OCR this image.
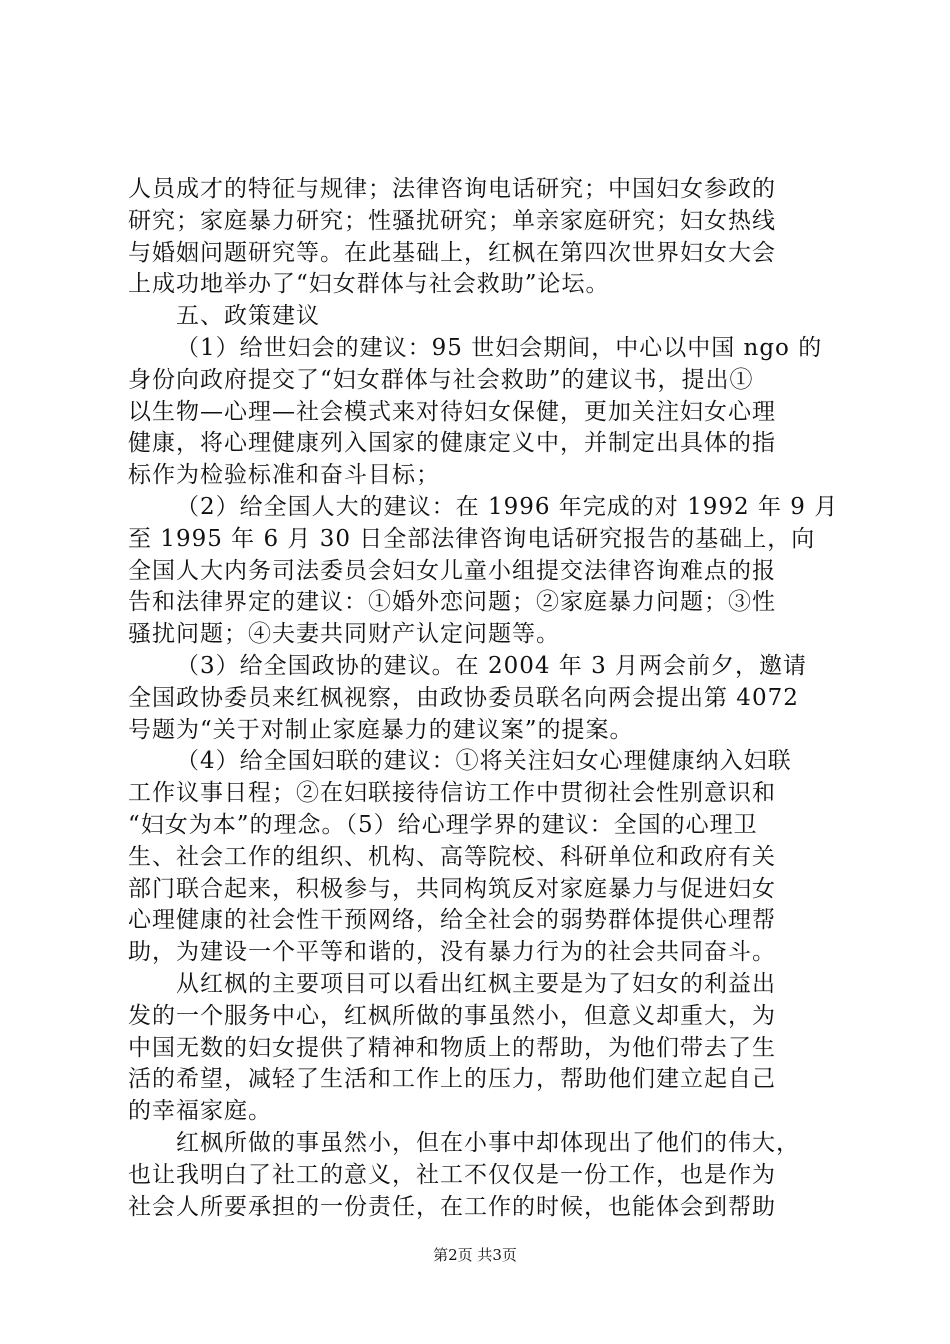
人员成才的特征与规律；法律咨询电话研究；中国妇女参政的
研究；家庭暴力研究；性骚扰研究；单亲家庭研究；妇女热线
与婚姻问题研究等。在此基础上，红枫在第四次世界妇女大会
上成功地举办了“妇女群体与社会救助”论坛。

五、政策建议

（1）给世妇会的建议：95 世妇会期间，中心以中国 ngo 的
身份向政府提交了“妇女群体与社会救助”的建议书，提出①
以生物—心理—社会模式来对待妇女保健，更加关注妇女心理
健康，将心理健康列入国家的健康定义中，并制定出具体的指
标作为检验标准和奋斗目标；

（2）给全国人大的建议：在 1996 年完成的对 1992 年 9 月
至 1995 年 6 月 30 日全部法律咨询电话研究报告的基础上，向
全国人大内务司法委员会妇女儿童小组提交法律咨询难点的报
告和法律界定的建议：①婚外恋问题；②家庭暴力问题；③性
骚扰问题；④夫妻共同财产认定问题等。

（3）给全国政协的建议。在 2004 年 3 月两会前夕，邀请
全国政协委员来红枫视察，由政协委员联名向两会提出第 4072
号题为“关于对制止家庭暴力的建议案”的提案。

（4）给全国妇联的建议：①将关注妇女心理健康纳入妇联
工作议事日程；②在妇联接待信访工作中贯彻社会性别意识和
“妇女为本”的理念。（5）给心理学界的建议：全国的心理卫
生、社会工作的组织、机构、高等院校、科研单位和政府有关
部门联合起来，积极参与，共同构筑反对家庭暴力与促进妇女
心理健康的社会性干预网络，给全社会的弱势群体提供心理帮
助，为建设一个平等和谐的，没有暴力行为的社会共同奋斗。

从红枫的主要项目可以看出红枫主要是为了妇女的利益出
发的一个服务中心，红枫所做的事虽然小，但意义却重大，为
中国无数的妇女提供了精神和物质上的帮助，为他们带去了生
活的希望，减轻了生活和工作上的压力，帮助他们建立起自己
的幸福家庭。

红枫所做的事虽然小，但在小事中却体现出了他们的伟大，
也让我明白了社工的意义，社工不仅仅是一份工作，也是作为
社会人所要承担的一份责任，在工作的时候，也能体会到帮助

第2页 共3页
